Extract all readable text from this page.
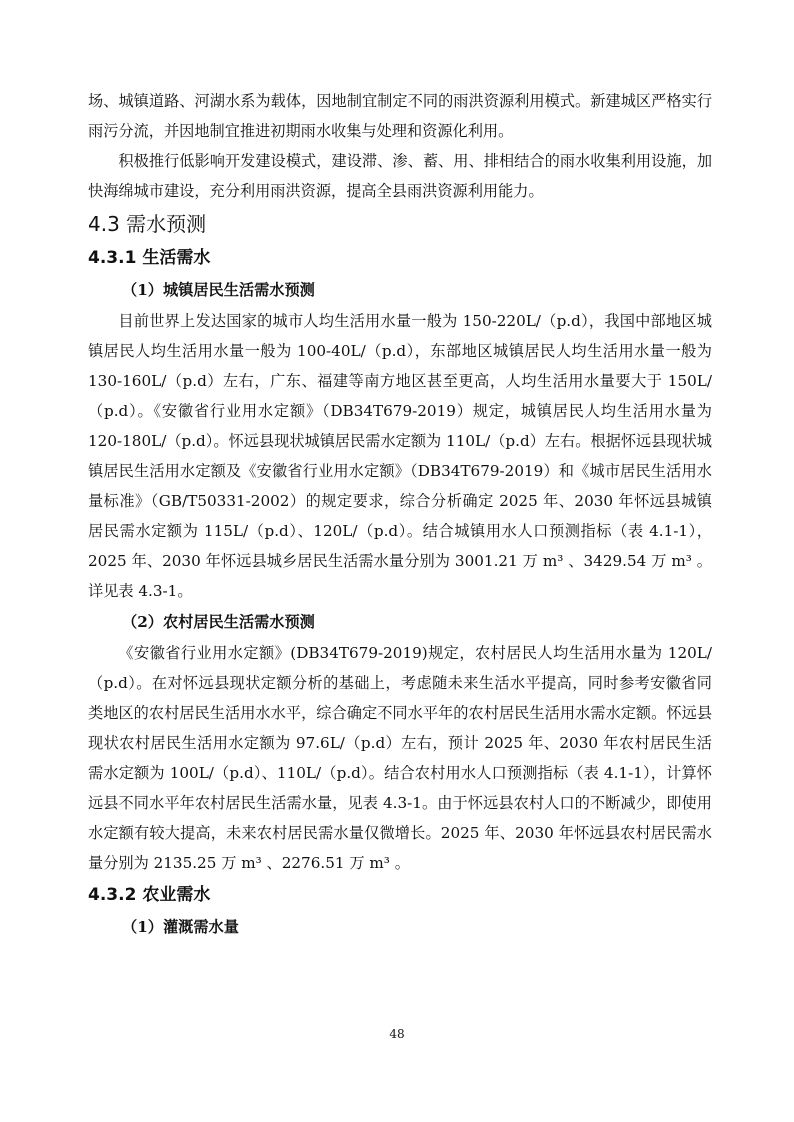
场、城镇道路、河湖水系为载体，因地制宜制定不同的雨洪资源利用模式。新建城区严格实行雨污分流，并因地制宜推进初期雨水收集与处理和资源化利用。

积极推行低影响开发建设模式，建设滞、渗、蓄、用、排相结合的雨水收集利用设施，加快海绵城市建设，充分利用雨洪资源，提高全县雨洪资源利用能力。

4.3 需水预测
4.3.1 生活需水
（1）城镇居民生活需水预测

目前世界上发达国家的城市人均生活用水量一般为 150-220L/（p.d），我国中部地区城镇居民人均生活用水量一般为 100-40L/（p.d），东部地区城镇居民人均生活用水量一般为 130-160L/（p.d）左右，广东、福建等南方地区甚至更高，人均生活用水量要大于 150L/（p.d）。《安徽省行业用水定额》（DB34T679-2019）规定，城镇居民人均生活用水量为 120-180L/（p.d）。怀远县现状城镇居民需水定额为 110L/（p.d）左右。根据怀远县现状城镇居民生活用水定额及《安徽省行业用水定额》（DB34T679-2019）和《城市居民生活用水量标准》（GB/T50331-2002）的规定要求，综合分析确定 2025 年、2030 年怀远县城镇居民需水定额为 115L/（p.d）、120L/（p.d）。结合城镇用水人口预测指标（表 4.1-1），2025 年、2030 年怀远县城乡居民生活需水量分别为 3001.21 万 m³ 、3429.54 万 m³ 。详见表 4.3-1。

（2）农村居民生活需水预测

《安徽省行业用水定额》(DB34T679-2019)规定，农村居民人均生活用水量为 120L/（p.d）。在对怀远县现状定额分析的基础上，考虑随未来生活水平提高，同时参考安徽省同类地区的农村居民生活用水水平，综合确定不同水平年的农村居民生活用水需水定额。怀远县现状农村居民生活用水定额为 97.6L/（p.d）左右，预计 2025 年、2030 年农村居民生活需水定额为 100L/（p.d）、110L/（p.d）。结合农村用水人口预测指标（表 4.1-1），计算怀远县不同水平年农村居民生活需水量，见表 4.3-1。由于怀远县农村人口的不断减少，即使用水定额有较大提高，未来农村居民需水量仅微增长。2025 年、2030 年怀远县农村居民需水量分别为 2135.25 万 m³ 、2276.51 万 m³ 。

4.3.2 农业需水
（1）灌溉需水量
48
